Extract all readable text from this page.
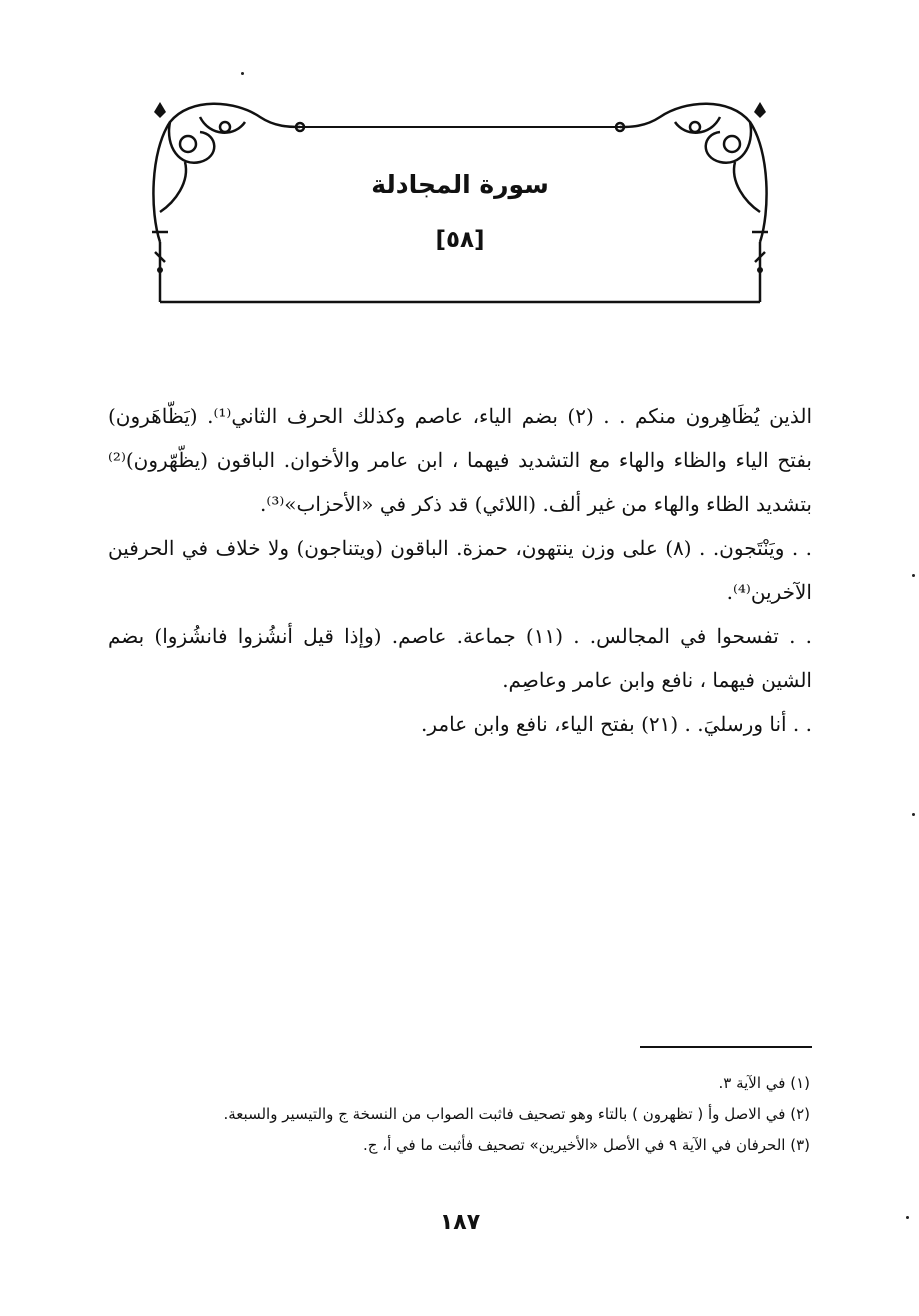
سورة المجادلة
[٥٨]

الذين يُظَاهِرون منكم . . (٢) بضم الياء، عاصم وكذلك الحرف الثاني⁽¹⁾. (يَظّاهَرون) بفتح الياء والظاء والهاء مع التشديد فيهما ، ابن عامر والأخوان. الباقون (يظّهّرون)⁽²⁾ بتشديد الظاء والهاء من غير ألف. (اللائي) قد ذكر في «الأحزاب»⁽³⁾.

. . ويَنْتَجون. . (٨) على وزن ينتهون، حمزة. الباقون (ويتناجون) ولا خلاف في الحرفين الآخرين⁽⁴⁾.

. . تفسحوا في المجالس. . (١١) جماعة. عاصم. (وإذا قيل أنشُزوا فانشُزوا) بضم الشين فيهما ، نافع وابن عامر وعاصِم.

. . أنا ورسليَ. . (٢١) بفتح الياء، نافع وابن عامر.

(١) في الآية ٣.

(٢) في الاصل وأ ( تظهرون ) بالتاء وهو تصحيف فاثبت الصواب من النسخة ج والتيسير والسبعة.

(٣) الحرفان في الآية ٩ في الأصل «الأخيرين» تصحيف فأثبت ما في أ، ج.

١٨٧
